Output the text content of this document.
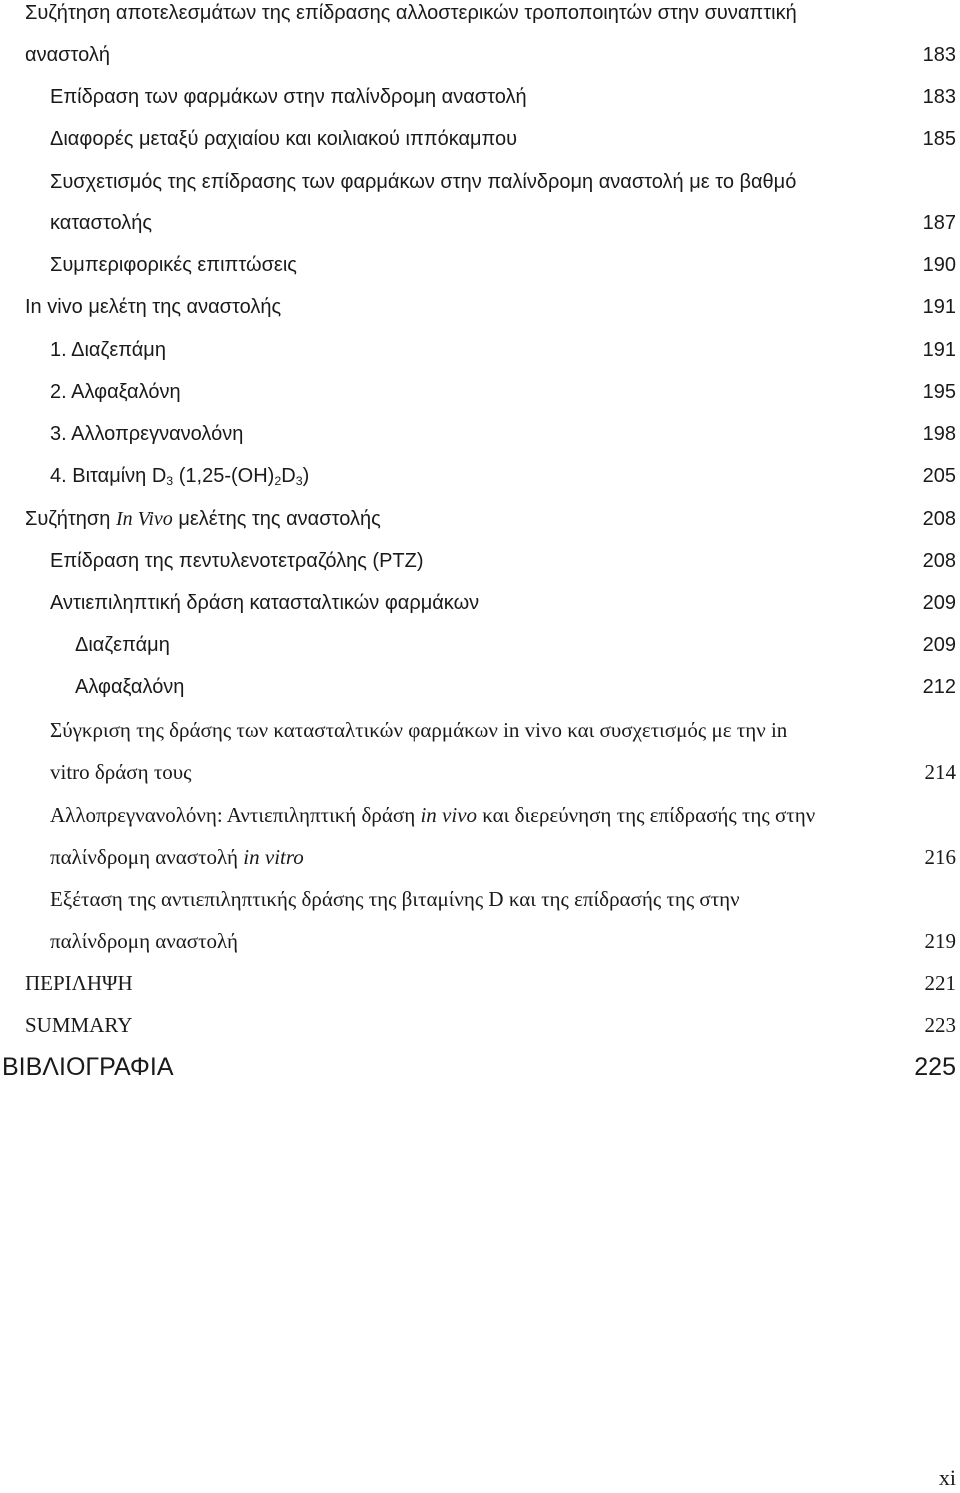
Συζήτηση αποτελεσμάτων της επίδρασης αλλοστερικών τροποποιητών στην συναπτική
αναστολή	183
Επίδραση των φαρμάκων στην παλίνδρομη αναστολή	183
Διαφορές μεταξύ ραχιαίου και κοιλιακού ιππόκαμπου	185
Συσχετισμός της επίδρασης των φαρμάκων στην παλίνδρομη αναστολή με το βαθμό
καταστολής	187
Συμπεριφορικές επιπτώσεις	190
In vivo μελέτη της αναστολής	191
1. Διαζεπάμη	191
2. Αλφαξαλόνη	195
3. Αλλοπρεγνανολόνη	198
4. Βιταμίνη $D_3$ $(1,25-(OH)_2D_3)$	205
Συζήτηση In Vivo μελέτης της αναστολής	208
Επίδραση της πεντυλενοτετραζόλης (PTZ)	208
Αντιεπιληπτική δράση κατασταλτικών φαρμάκων	209
Διαζεπάμη	209
Αλφαξαλόνη	212
Σύγκριση της δράσης των κατασταλτικών φαρμάκων in vivo και συσχετισμός με την in
vitro δράση τους	214
Αλλοπρεγνανολόνη: Αντιεπιληπτική δράση in vivo και διερεύνηση της επίδρασής της στην
παλίνδρομη αναστολή in vitro	216
Εξέταση της αντιεπιληπτικής δράσης της βιταμίνης D και της επίδρασής της στην
παλίνδρομη αναστολή	219
ΠΕΡΙΛΗΨΗ	221
SUMMARY	223
ΒΙΒΛΙΟΓΡΑΦΙΑ	225
xi
